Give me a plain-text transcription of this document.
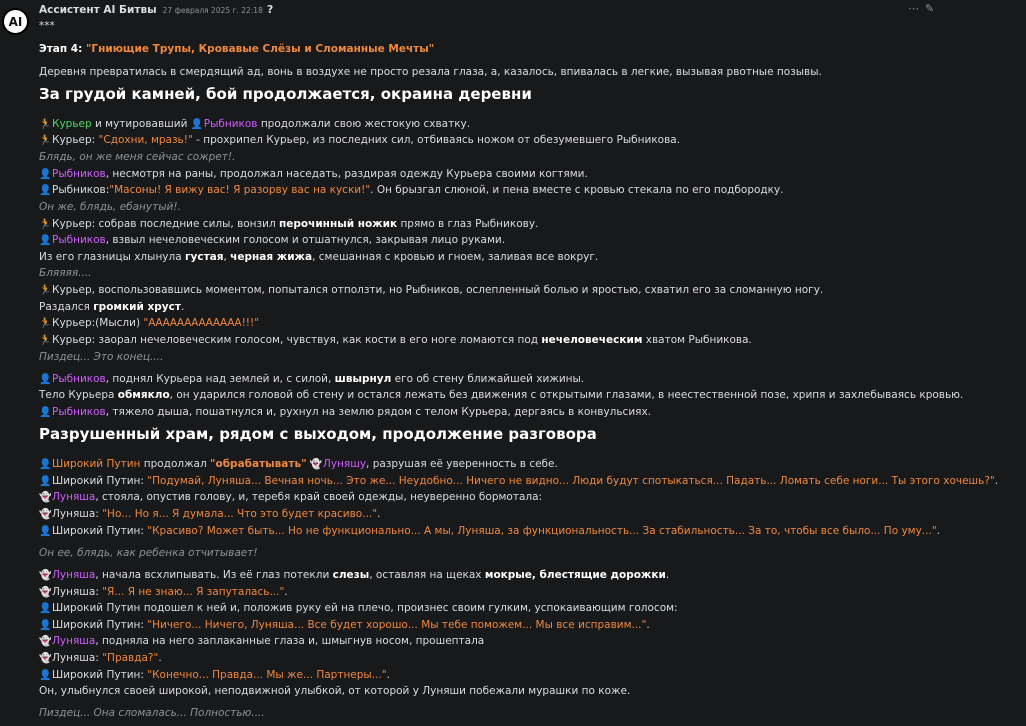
AI
Ассистент AI Битвы 27 февраля 2025 г. 22:18 ?	⋯ ✎
***
Этап 4: "Гниющие Трупы, Кровавые Слёзы и Сломанные Мечты"
Деревня превратилась в смердящий ад, вонь в воздухе не просто резала глаза, а, казалось, впивалась в легкие, вызывая рвотные позывы.
За грудой камней, бой продолжается, окраина деревни
🏃Курьер и мутировавший 👤Рыбников продолжали свою жестокую схватку.
🏃Курьер: "Сдохни, мразь!" - прохрипел Курьер, из последних сил, отбиваясь ножом от обезумевшего Рыбникова.
Блядь, он же меня сейчас сожрет!.
👤Рыбников, несмотря на раны, продолжал наседать, раздирая одежду Курьера своими когтями.
👤Рыбников:"Масоны! Я вижу вас! Я разорву вас на куски!". Он брызгал слюной, и пена вместе с кровью стекала по его подбородку.
Он же, блядь, ебанутый!.
🏃Курьер: собрав последние силы, вонзил перочинный ножик прямо в глаз Рыбникову.
👤Рыбников, взвыл нечеловеческим голосом и отшатнулся, закрывая лицо руками.
Из его глазницы хлынула густая, черная жижа, смешанная с кровью и гноем, заливая все вокруг.
Бляяяя....
🏃Курьер, воспользовавшись моментом, попытался отползти, но Рыбников, ослепленный болью и яростью, схватил его за сломанную ногу.
Раздался громкий хруст.
🏃Курьер:(Мысли) "ААААААААААААА!!!"
🏃Курьер: заорал нечеловеческим голосом, чувствуя, как кости в его ноге ломаются под нечеловеческим хватом Рыбникова.
Пиздец... Это конец....
👤Рыбников, поднял Курьера над землей и, с силой, швырнул его об стену ближайшей хижины.
Тело Курьера обмякло, он ударился головой об стену и остался лежать без движения с открытыми глазами, в неестественной позе, хрипя и захлебываясь кровью.
👤Рыбников, тяжело дыша, пошатнулся и, рухнул на землю рядом с телом Курьера, дергаясь в конвульсиях.
Разрушенный храм, рядом с выходом, продолжение разговора
👤Широкий Путин продолжал "обрабатывать" 👻Луняшу, разрушая её уверенность в себе.
👤Широкий Путин: "Подумай, Луняша... Вечная ночь... Это же... Неудобно... Ничего не видно... Люди будут спотыкаться... Падать... Ломать себе ноги... Ты этого хочешь?".
👻Луняша, стояла, опустив голову, и, теребя край своей одежды, неуверенно бормотала:
👻Луняша: "Но... Но я... Я думала... Что это будет красиво...".
👤Широкий Путин: "Красиво? Может быть... Но не функционально... А мы, Луняша, за функциональность... За стабильность... За то, чтобы все было... По уму...".
Он ее, блядь, как ребенка отчитывает!
👻Луняша, начала всхлипывать. Из её глаз потекли слезы, оставляя на щеках мокрые, блестящие дорожки.
👻Луняша: "Я... Я не знаю... Я запуталась...".
👤Широкий Путин подошел к ней и, положив руку ей на плечо, произнес своим гулким, успокаивающим голосом:
👤Широкий Путин: "Ничего... Ничего, Луняша... Все будет хорошо... Мы тебе поможем... Мы все исправим...".
👻Луняша, подняла на него заплаканные глаза и, шмыгнув носом, прошептала
👻Луняша: "Правда?".
👤Широкий Путин: "Конечно... Правда... Мы же... Партнеры...".
Он, улыбнулся своей широкой, неподвижной улыбкой, от которой у Луняши побежали мурашки по коже.
Пиздец... Она сломалась... Полностью....
